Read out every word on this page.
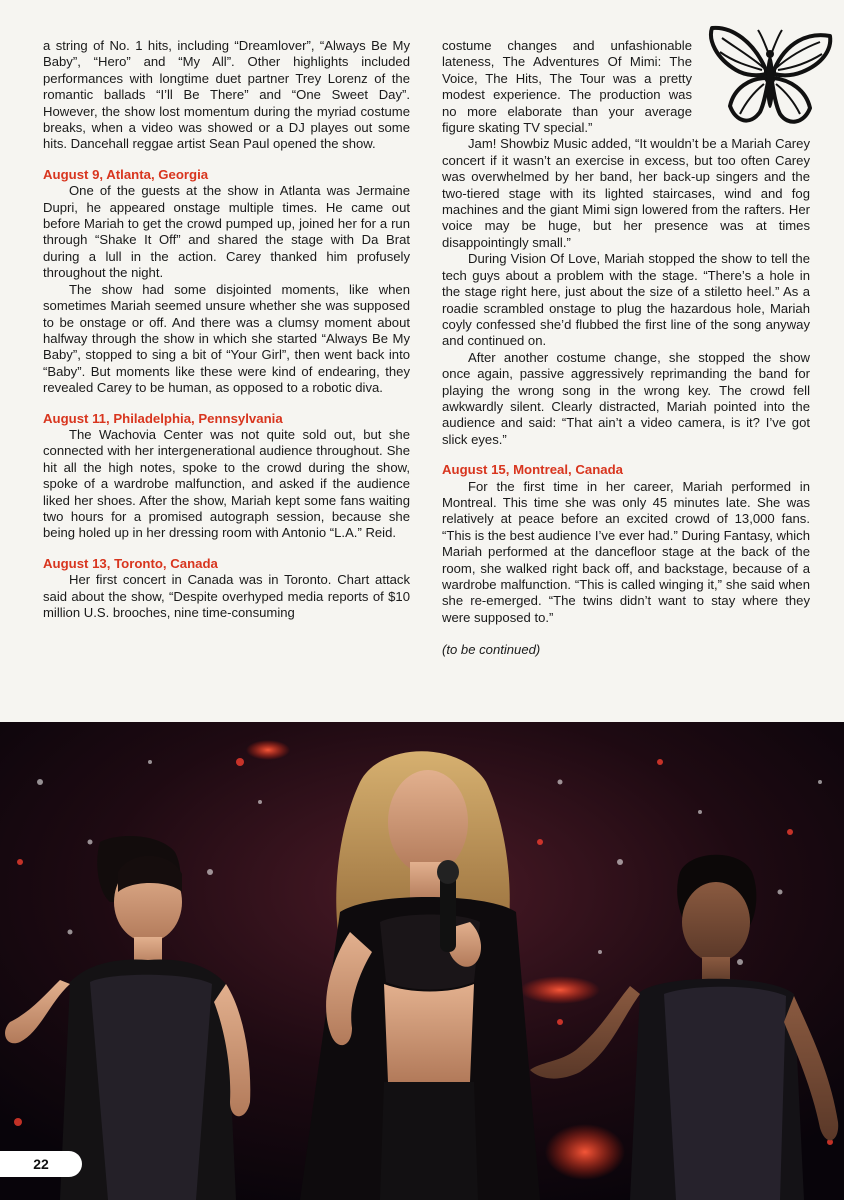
a string of No. 1 hits, including “Dreamlover”, “Always Be My Baby”, “Hero” and “My All”. Other highlights included performances with longtime duet partner Trey Lorenz of the romantic ballads “I’ll Be There” and “One Sweet Day”. However, the show lost momentum during the myriad costume breaks, when a video was showed or a DJ playes out some hits. Dancehall reggae artist Sean Paul opened the show.

August 9, Atlanta, Georgia

One of the guests at the show in Atlanta was Jermaine Dupri, he appeared onstage multiple times. He came out before Mariah to get the crowd pumped up, joined her for a run through “Shake It Off” and shared the stage with Da Brat during a lull in the action. Carey thanked him profusely throughout the night.

The show had some disjointed moments, like when sometimes Mariah seemed unsure whether she was supposed to be onstage or off. And there was a clumsy moment about halfway through the show in which she started “Always Be My Baby”, stopped to sing a bit of “Your Girl”, then went back into “Baby”. But moments like these were kind of endearing, they revealed Carey to be human, as opposed to a robotic diva.

August 11, Philadelphia, Pennsylvania

The Wachovia Center was not quite sold out, but she connected with her intergenerational audience throughout. She hit all the high notes, spoke to the crowd during the show, spoke of a wardrobe malfunction, and asked if the audience liked her shoes. After the show, Mariah kept some fans waiting two hours for a promised autograph session, because she being holed up in her dressing room with Antonio “L.A.” Reid.

August 13, Toronto, Canada

Her first concert in Canada was in Toronto. Chart attack said about the show, “Despite overhyped media reports of $10 million U.S. brooches, nine time-consuming

costume changes and unfashionable lateness, The Adventures Of Mimi: The Voice, The Hits, The Tour was a pretty modest experience. The production was no more elaborate than your average figure skating TV special.”

Jam! Showbiz Music added, “It wouldn’t be a Mariah Carey concert if it wasn’t an exercise in excess, but too often Carey was overwhelmed by her band, her back-up singers and the two-tiered stage with its lighted staircases, wind and fog machines and the giant Mimi sign lowered from the rafters. Her voice may be huge, but her presence was at times disappointingly small.”

During Vision Of Love, Mariah stopped the show to tell the tech guys about a problem with the stage. “There’s a hole in the stage right here, just about the size of a stiletto heel.” As a roadie scrambled onstage to plug the hazardous hole, Mariah coyly confessed she’d flubbed the first line of the song anyway and continued on.

After another costume change, she stopped the show once again, passive aggressively reprimanding the band for playing the wrong song in the wrong key. The crowd fell awkwardly silent. Clearly distracted, Mariah pointed into the audience and said: “That ain’t a video camera, is it? I’ve got slick eyes.”

August 15, Montreal, Canada

For the first time in her career, Mariah performed in Montreal. This time she was only 45 minutes late. She was relatively at peace before an excited crowd of 13,000 fans. “This is the best audience I’ve ever had.” During Fantasy, which Mariah performed at the dancefloor stage at the back of the room, she walked right back off, and backstage, because of a wardrobe malfunction. “This is called winging it,” she said when she re-emerged. “The twins didn’t want to stay where they were supposed to.”

(to be continued)

22
